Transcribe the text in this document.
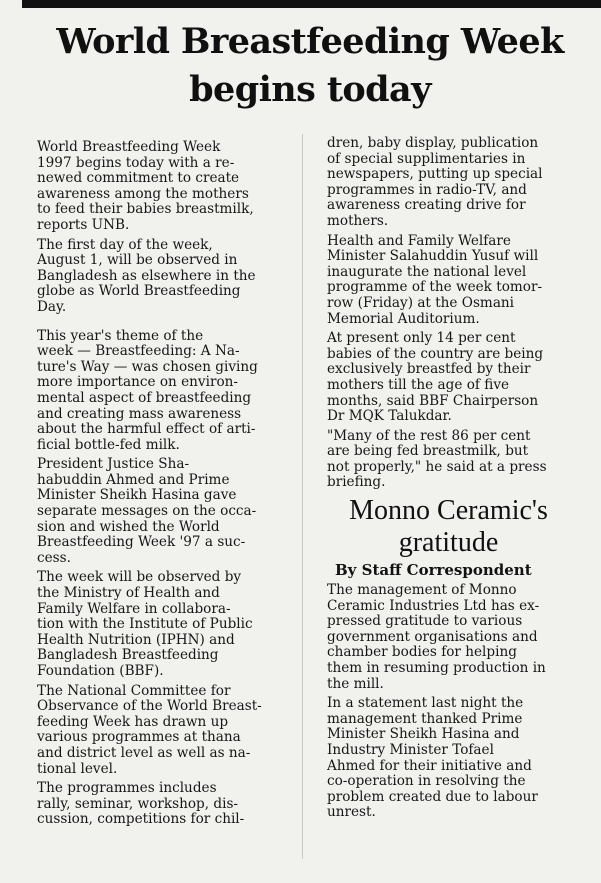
World Breastfeeding Week
begins today

World Breastfeeding Week
1997 begins today with a re-
newed commitment to create
awareness among the mothers
to feed their babies breastmilk,
reports UNB.

The first day of the week,
August 1, will be observed in
Bangladesh as elsewhere in the
globe as World Breastfeeding
Day.

This year's theme of the
week — Breastfeeding: A Na-
ture's Way — was chosen giving
more importance on environ-
mental aspect of breastfeeding
and creating mass awareness
about the harmful effect of arti-
ficial bottle-fed milk.

President Justice Sha-
habuddin Ahmed and Prime
Minister Sheikh Hasina gave
separate messages on the occa-
sion and wished the World
Breastfeeding Week '97 a suc-
cess.

The week will be observed by
the Ministry of Health and
Family Welfare in collabora-
tion with the Institute of Public
Health Nutrition (IPHN) and
Bangladesh Breastfeeding
Foundation (BBF).

The National Committee for
Observance of the World Breast-
feeding Week has drawn up
various programmes at thana
and district level as well as na-
tional level.

The programmes includes
rally, seminar, workshop, dis-
cussion, competitions for chil-

dren, baby display, publication
of special supplimentaries in
newspapers, putting up special
programmes in radio-TV, and
awareness creating drive for
mothers.

Health and Family Welfare
Minister Salahuddin Yusuf will
inaugurate the national level
programme of the week tomor-
row (Friday) at the Osmani
Memorial Auditorium.

At present only 14 per cent
babies of the country are being
exclusively breastfed by their
mothers till the age of five
months, said BBF Chairperson
Dr MQK Talukdar.

"Many of the rest 86 per cent
are being fed breastmilk, but
not properly," he said at a press
briefing.

Monno Ceramic's
gratitude
By Staff Correspondent

The management of Monno
Ceramic Industries Ltd has ex-
pressed gratitude to various
government organisations and
chamber bodies for helping
them in resuming production in
the mill.

In a statement last night the
management thanked Prime
Minister Sheikh Hasina and
Industry Minister Tofael
Ahmed for their initiative and
co-operation in resolving the
problem created due to labour
unrest.
